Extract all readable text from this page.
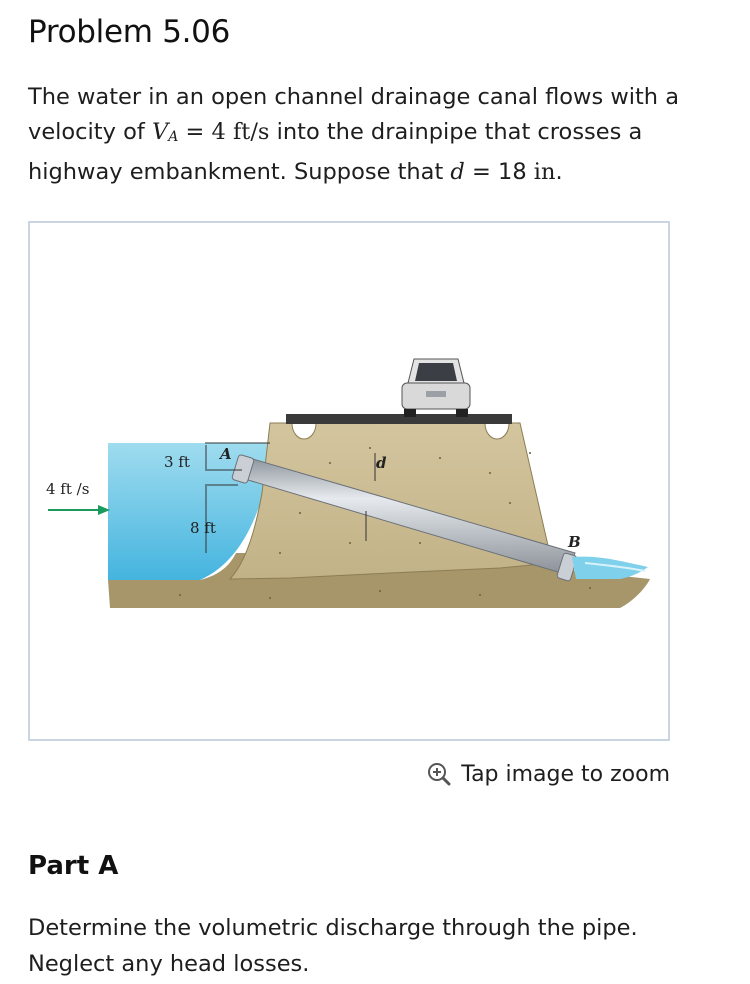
Problem 5.06

The water in an open channel drainage canal flows with a velocity of VA = 4 ft/s into the drainpipe that crosses a highway embankment. Suppose that d = 18 in.

4 ft /s
3 ft
8 ft
A	d
B
Tap image to zoom
Part A

Determine the volumetric discharge through the pipe. Neglect any head losses.
